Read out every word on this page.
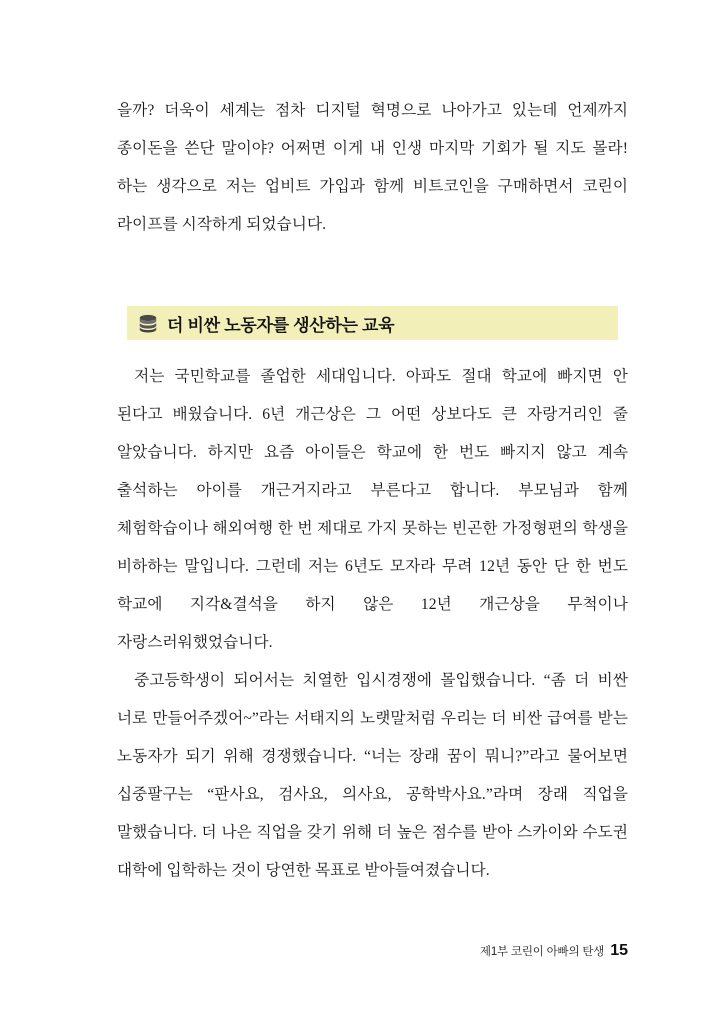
을까? 더욱이 세계는 점차 디지털 혁명으로 나아가고 있는데 언제까지 종이돈을 쓴단 말이야? 어쩌면 이게 내 인생 마지막 기회가 될 지도 몰라! 하는 생각으로 저는 업비트 가입과 함께 비트코인을 구매하면서 코린이 라이프를 시작하게 되었습니다.

더 비싼 노동자를 생산하는 교육

저는 국민학교를 졸업한 세대입니다. 아파도 절대 학교에 빠지면 안 된다고 배웠습니다. 6년 개근상은 그 어떤 상보다도 큰 자랑거리인 줄 알았습니다. 하지만 요즘 아이들은 학교에 한 번도 빠지지 않고 계속 출석하는 아이를 개근거지라고 부른다고 합니다. 부모님과 함께 체험학습이나 해외여행 한 번 제대로 가지 못하는 빈곤한 가정형편의 학생을 비하하는 말입니다. 그런데 저는 6년도 모자라 무려 12년 동안 단 한 번도 학교에 지각&결석을 하지 않은 12년 개근상을 무척이나 자랑스러워했었습니다.

중고등학생이 되어서는 치열한 입시경쟁에 몰입했습니다. “좀 더 비싼 너로 만들어주겠어~”라는 서태지의 노랫말처럼 우리는 더 비싼 급여를 받는 노동자가 되기 위해 경쟁했습니다. “너는 장래 꿈이 뭐니?”라고 물어보면 십중팔구는 “판사요, 검사요, 의사요, 공학박사요.”라며 장래 직업을 말했습니다. 더 나은 직업을 갖기 위해 더 높은 점수를 받아 스카이와 수도권 대학에 입학하는 것이 당연한 목표로 받아들여졌습니다.

제1부 코린이 아빠의 탄생 15
